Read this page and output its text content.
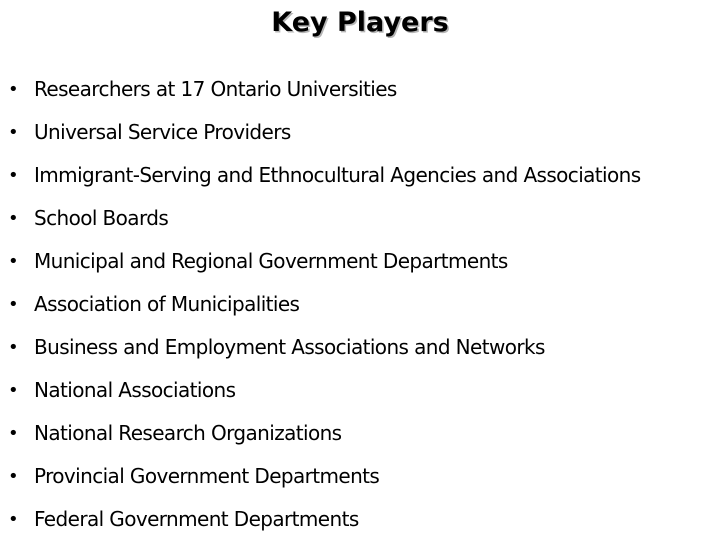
Key Players
• Researchers at 17 Ontario Universities
• Universal Service Providers
• Immigrant-Serving and Ethnocultural Agencies and Associations
• School Boards
• Municipal and Regional Government Departments
• Association of Municipalities
• Business and Employment Associations and Networks
• National Associations
• National Research Organizations
• Provincial Government Departments
• Federal Government Departments
